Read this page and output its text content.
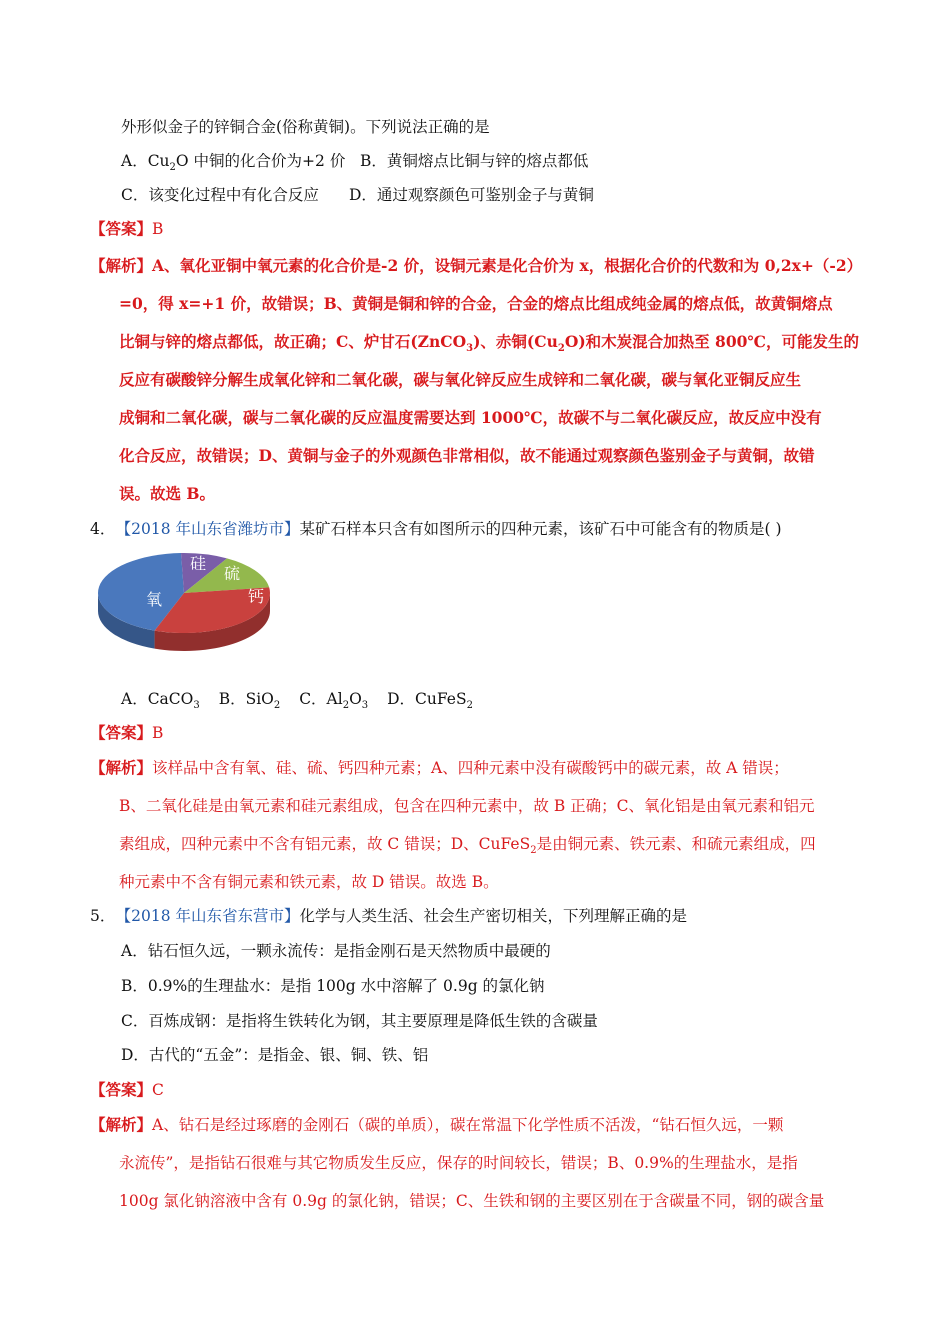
外形似金子的锌铜合金(俗称黄铜)。下列说法正确的是
A．$Cu_2O$ 中铜的化合价为+2 价 B．黄铜熔点比铜与锌的熔点都低
C．该变化过程中有化合反应 D．通过观察颜色可鉴别金子与黄铜
【答案】B
【解析】A、氧化亚铜中氧元素的化合价是-2 价，设铜元素是化合价为 x，根据化合价的代数和为 0,2x+（-2）
=0，得 x=+1 价，故错误；B、黄铜是铜和锌的合金，合金的熔点比组成纯金属的熔点低，故黄铜熔点
比铜与锌的熔点都低，故正确；C、炉甘石(ZnCO$_3$)、赤铜$(Cu_2O)$和木炭混合加热至 800℃，可能发生的
反应有碳酸锌分解生成氧化锌和二氧化碳，碳与氧化锌反应生成锌和二氧化碳，碳与氧化亚铜反应生
成铜和二氧化碳，碳与二氧化碳的反应温度需要达到 1000℃，故碳不与二氧化碳反应，故反应中没有
化合反应，故错误；D、黄铜与金子的外观颜色非常相似，故不能通过观察颜色鉴别金子与黄铜，故错
误。故选 B。
4． 【2018 年山东省潍坊市】某矿石样本只含有如图所示的四种元素，该矿石中可能含有的物质是( )
氧
硅
硫
钙
A．CaCO$_3$ B．SiO$_2$ C．$Al_2O_3$ D．CuFeS$_2$
【答案】B
【解析】该样品中含有氧、硅、硫、钙四种元素；A、四种元素中没有碳酸钙中的碳元素，故 A 错误；
B、二氧化硅是由氧元素和硅元素组成，包含在四种元素中，故 B 正确；C、氧化铝是由氧元素和铝元
素组成，四种元素中不含有铝元素，故 C 错误；D、CuFeS$_2$是由铜元素、铁元素、和硫元素组成，四
种元素中不含有铜元素和铁元素，故 D 错误。故选 B。
5． 【2018 年山东省东营市】化学与人类生活、社会生产密切相关，下列理解正确的是
A．钻石恒久远，一颗永流传：是指金刚石是天然物质中最硬的
B．0.9%的生理盐水：是指 100g 水中溶解了 0.9g 的氯化钠
C．百炼成钢：是指将生铁转化为钢，其主要原理是降低生铁的含碳量
D．古代的“五金”：是指金、银、铜、铁、铝
【答案】C
【解析】A、钻石是经过琢磨的金刚石（碳的单质），碳在常温下化学性质不活泼，“钻石恒久远，一颗
永流传”，是指钻石很难与其它物质发生反应，保存的时间较长，错误；B、0.9%的生理盐水，是指
100g 氯化钠溶液中含有 0.9g 的氯化钠，错误；C、生铁和钢的主要区别在于含碳量不同，钢的碳含量
